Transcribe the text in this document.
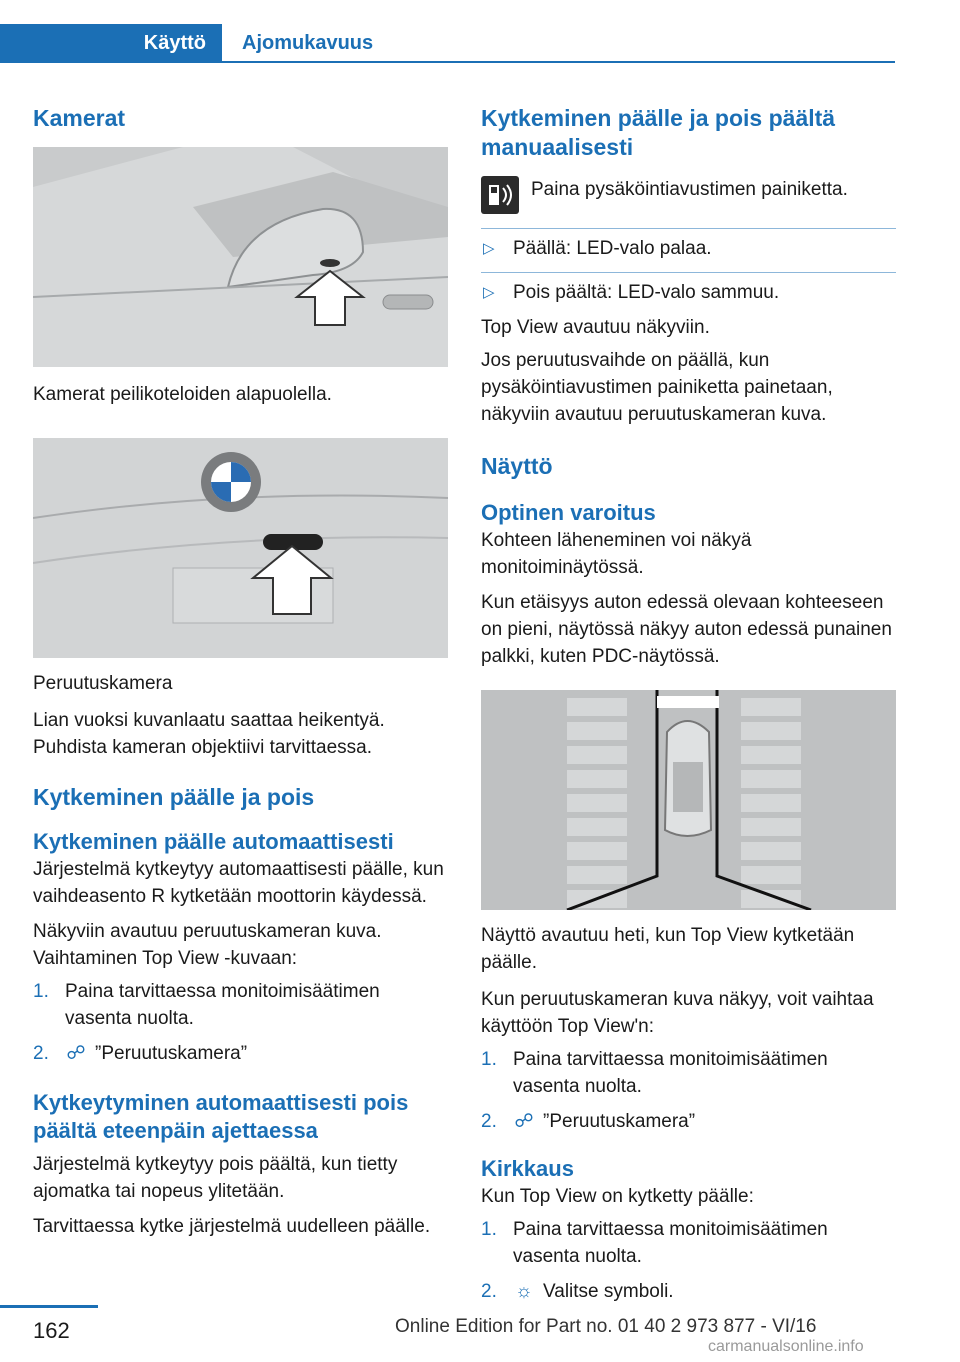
Käyttö	Ajomukavuus
Kamerat

Kamerat peilikoteloiden alapuolella.

Peruutuskamera

Lian vuoksi kuvanlaatu saattaa heikentyä. Puhdista kameran objektiivi tarvittaessa.

Kytkeminen päälle ja pois
Kytkeminen päälle automaattisesti

Järjestelmä kytkeytyy automaattisesti päälle, kun vaihdeasento R kytketään moottorin käydessä.

Näkyviin avautuu peruutuskameran kuva. Vaihtaminen Top View -kuvaan:

1. Paina tarvittaessa monitoimisäätimen vasenta nuolta.
2. ☍ ”Peruutuskamera”
Kytkeytyminen automaattisesti pois päältä eteenpäin ajettaessa

Järjestelmä kytkeytyy pois päältä, kun tietty ajomatka tai nopeus ylitetään.

Tarvittaessa kytke järjestelmä uudelleen päälle.

Kytkeminen päälle ja pois päältä manuaalisesti

Paina pysäköintiavustimen painiketta.

▷ Päällä: LED-valo palaa.
▷ Pois päältä: LED-valo sammuu.

Top View avautuu näkyviin.

Jos peruutusvaihde on päällä, kun pysäköintiavustimen painiketta painetaan, näkyviin avautuu peruutuskameran kuva.

Näyttö
Optinen varoitus

Kohteen läheneminen voi näkyä monitoiminäytössä.

Kun etäisyys auton edessä olevaan kohteeseen on pieni, näytössä näkyy auton edessä punainen palkki, kuten PDC-näytössä.

Näyttö avautuu heti, kun Top View kytketään päälle.

Kun peruutuskameran kuva näkyy, voit vaihtaa käyttöön Top View'n:

1. Paina tarvittaessa monitoimisäätimen vasenta nuolta.
2. ☍ ”Peruutuskamera”
Kirkkaus

Kun Top View on kytketty päälle:

1. Paina tarvittaessa monitoimisäätimen vasenta nuolta.
2. ☼ Valitse symboli.
162	Online Edition for Part no. 01 40 2 973 877 - VI/16
carmanualsonline.info
